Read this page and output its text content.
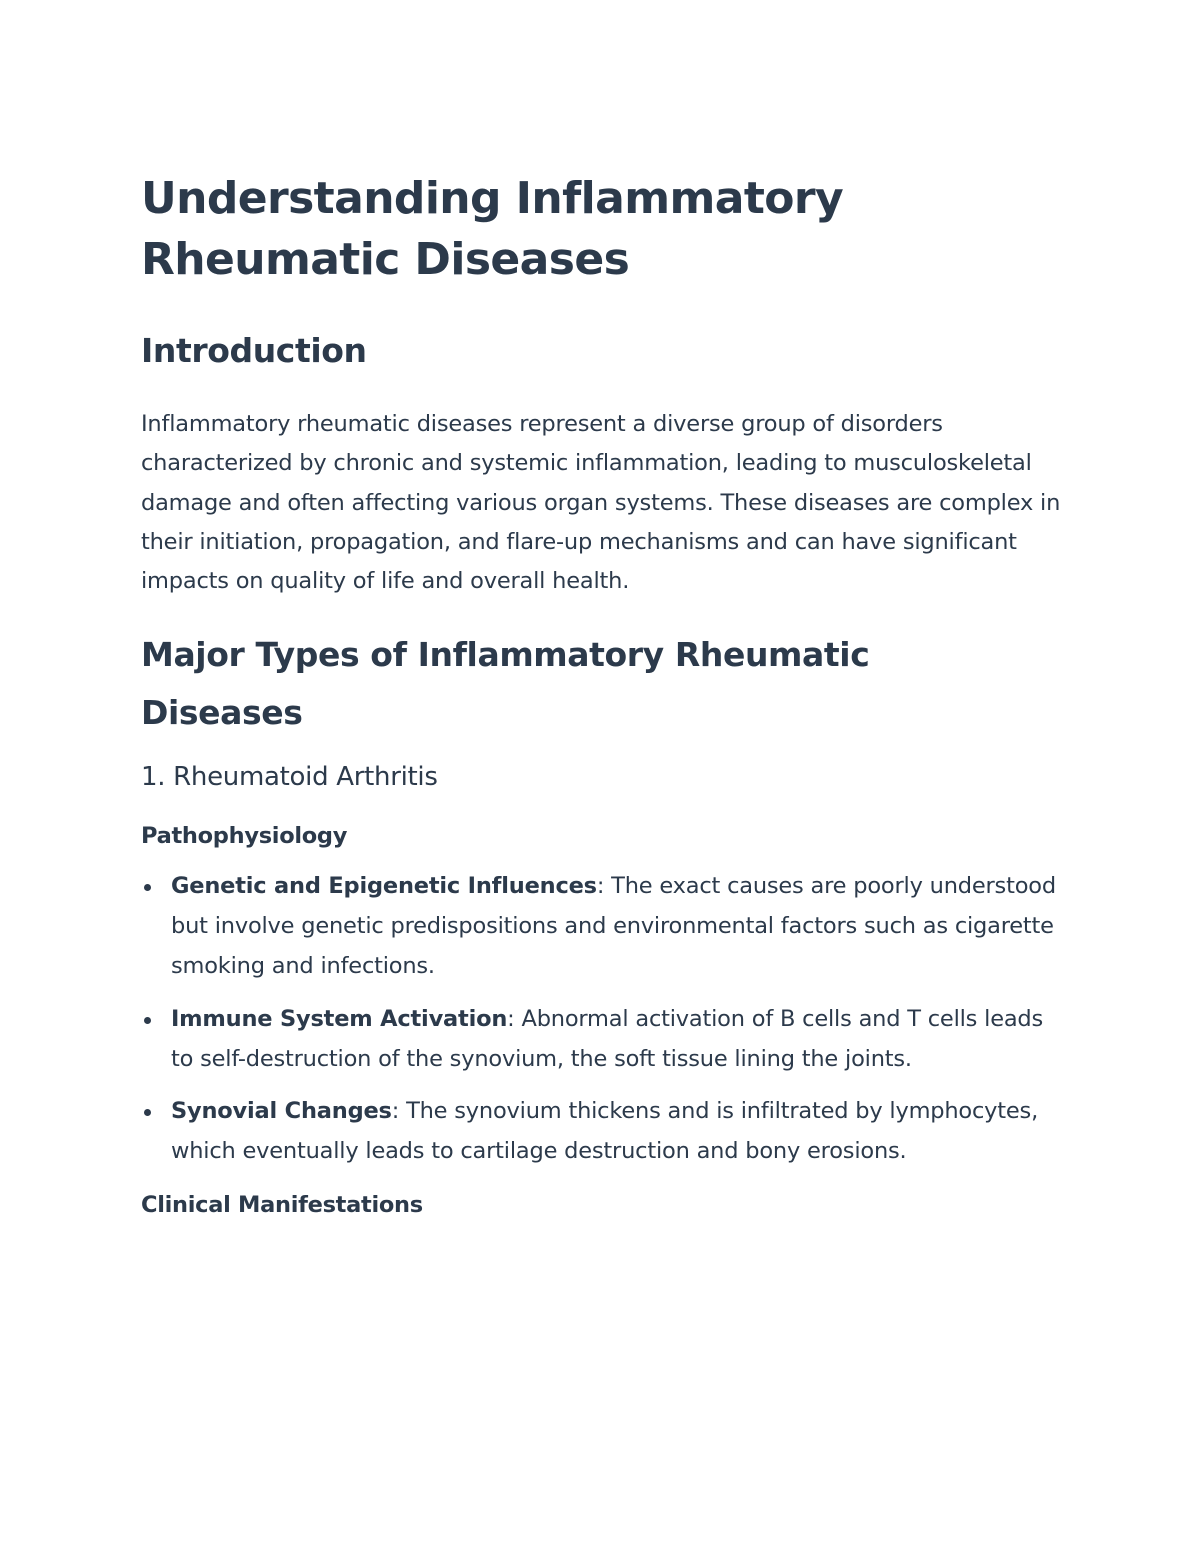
Understanding Inflammatory Rheumatic Diseases
Introduction

Inflammatory rheumatic diseases represent a diverse group of disorders characterized by chronic and systemic inflammation, leading to musculoskeletal damage and often affecting various organ systems. These diseases are complex in their initiation, propagation, and flare-up mechanisms and can have significant impacts on quality of life and overall health.

Major Types of Inflammatory Rheumatic Diseases
1. Rheumatoid Arthritis
Pathophysiology
Genetic and Epigenetic Influences: The exact causes are poorly understood but involve genetic predispositions and environmental factors such as cigarette smoking and infections.
Immune System Activation: Abnormal activation of B cells and T cells leads to self-destruction of the synovium, the soft tissue lining the joints.
Synovial Changes: The synovium thickens and is infiltrated by lymphocytes, which eventually leads to cartilage destruction and bony erosions.
Clinical Manifestations
